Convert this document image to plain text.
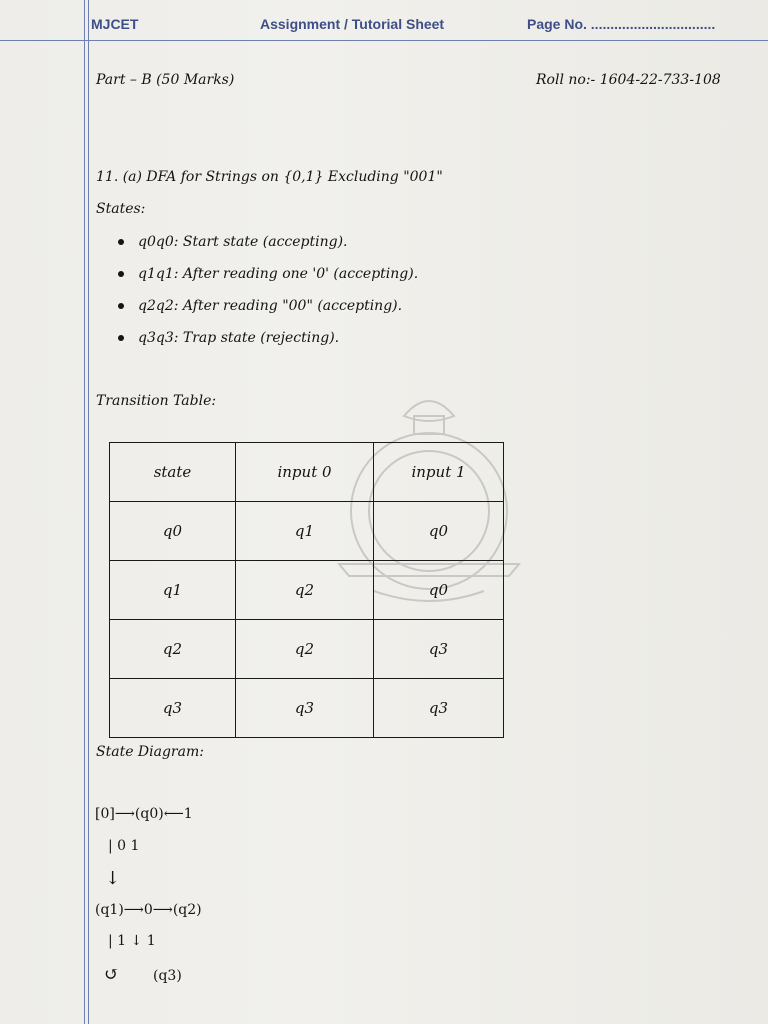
MJCET	Assignment / Tutorial Sheet	Page No. ................................
Part – B (50 Marks)	Roll no:- 1604-22-733-108
11. (a) DFA for Strings on {0,1} Excluding "001"
States:
q0q0: Start state (accepting).
q1q1: After reading one '0' (accepting).
q2q2: After reading "00" (accepting).
q3q3: Trap state (rejecting).
Transition Table:
state	input 0	input 1
q0	q1	q0
q1	q2	q0
q2	q2	q3
q3	q3	q3
State Diagram:
[0]⟶(q0)⟵1
| 0 1
↓
(q1)⟶0⟶(q2)
| 1 ↓ 1
↺ (q3)
